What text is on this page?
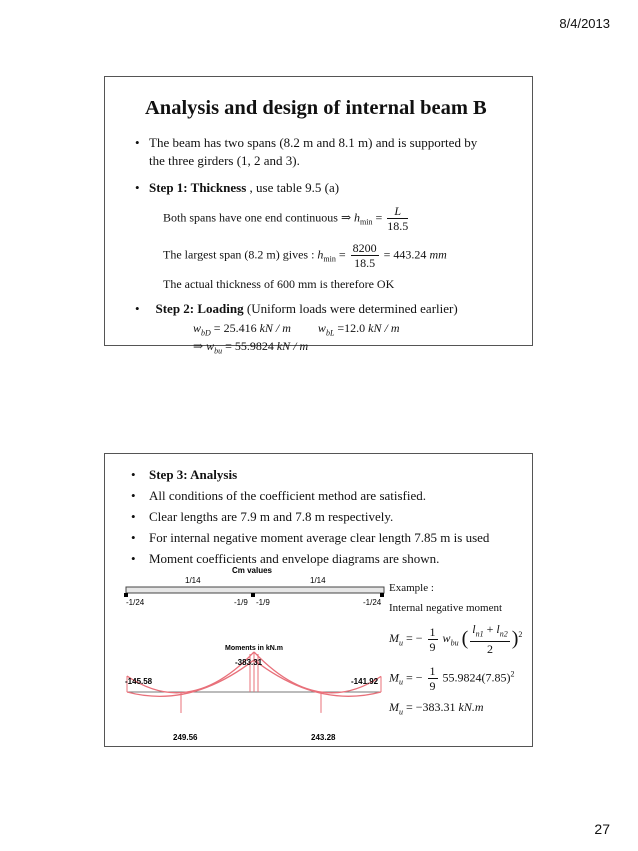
8/4/2013
Analysis and design of internal beam B
• The beam has two spans (8.2 m and 8.1 m) and is supported by
the three girders (1, 2 and 3).
• Step 1: Thickness , use table 9.5 (a)
Both spans have one end continuous ⇒ $h_{min} = \frac{L}{18.5}$
The largest span (8.2 m) gives : $h_{min} = \frac{8200}{18.5} = 443.24$ mm
The actual thickness of 600 mm is therefore OK
• Step 2: Loading (Uniform loads were determined earlier)
$w_{bD} = 25.416$ kN / m $w_{bL} =12.0$ kN / m
⇒ $w_{bu} = 55.9824$ kN / m
• Step 3: Analysis
• All conditions of the coefficient method are satisfied.
• Clear lengths are 7.9 m and 7.8 m respectively.
• For internal negative moment average clear length 7.85 m is used
• Moment coefficients and envelope diagrams are shown.
Cm values
1/14	1/14
-1/24	-1/9 -1/9	-1/24
Moments in kN.m
-145.58
249.56
-383.31
243.28
-141.92
Example :
Internal negative moment
$M_u$ = − $\frac{1}{9} w_{bu}$ ( $\frac{l_{n1} + l_{n2}}{2} )^2$
$M_u$ = − $\frac{1}{9} 55.9824(7.85)^2$
$M_u = -383.31$ kN.m
27
